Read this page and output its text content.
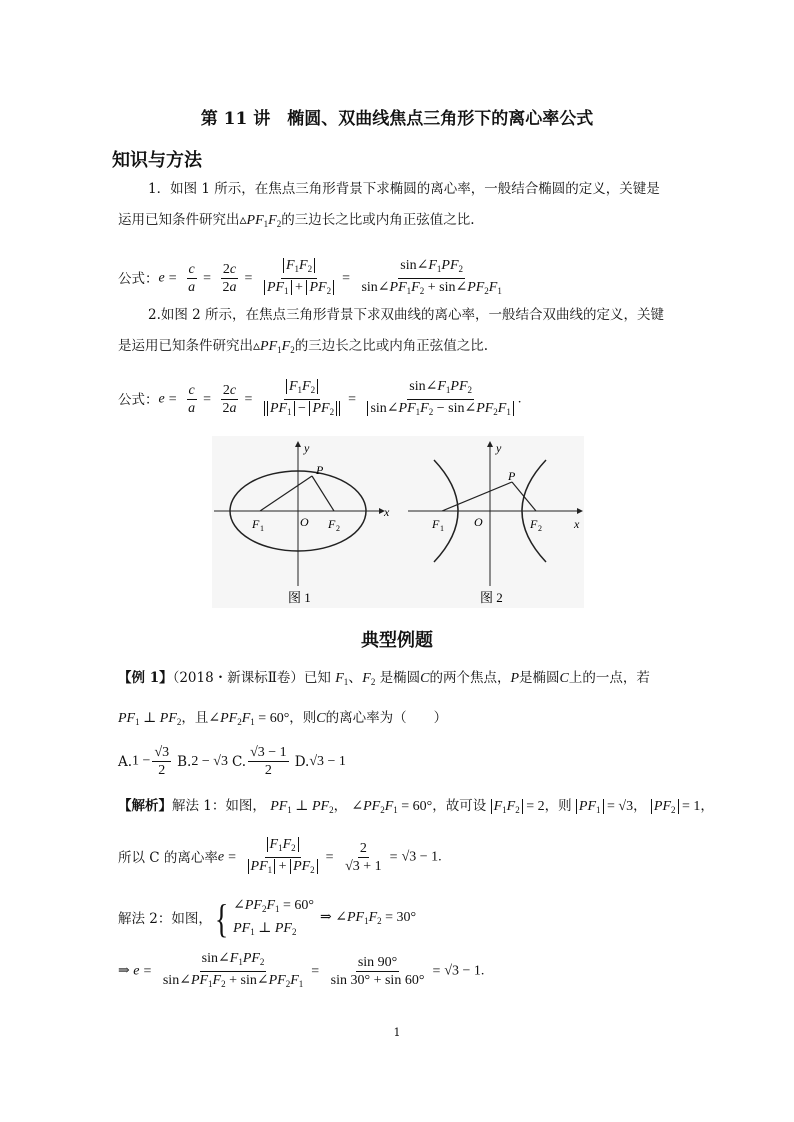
第 11 讲　椭圆、双曲线焦点三角形下的离心率公式
知识与方法
1．如图 1 所示，在焦点三角形背景下求椭圆的离心率，一般结合椭圆的定义，关键是
运用已知条件研究出$▵PF_1F_2$的三边长之比或内角正弦值之比.
公式： $e = \frac{c}{a} = \frac{2c}{2a} = \frac{F_1F_2}{PF_1 + PF_2} = \frac{\sin\angle F_1PF_2}{\sin\angle PF_1F_2 + \sin\angle PF_2F_1}$
2.如图 2 所示，在焦点三角形背景下求双曲线的离心率，一般结合双曲线的定义，关键
是运用已知条件研究出$▵PF_1F_2$的三边长之比或内角正弦值之比.
公式： $e = \frac{c}{a} = \frac{2c}{2a} = \frac{F_1F_2}{PF_1 - PF_2} = \frac{\sin\angle F_1PF_2}{\sin\angle PF_1F_2 - \sin\angle PF_2F_1}$ .
P
y
x
O
F 1	F 2
图 1
P
y
x
O
F 1	F 2
图 2
典型例题
【例 1】（2018・新课标Ⅱ卷）已知 $F_1$、$F_2$ 是椭圆C的两个焦点，P是椭圆C上的一点，若
$PF_1$ ⊥ $PF_2$，且$\angle PF_2F_1 = 60^\circ$，则C的离心率为（　　）
A. $1 - \frac{√3}{2} B$. 2 − √3 C. $\frac{√3 - 1}{2} D$. √3 − 1
【解析】解法 1：如图， $PF_1$ ⊥ $PF_2$， $\angle PF_2F_1 = 60^\circ$，故可设 $F_1F_2 = 2$，则 $PF_1 = √3$， $PF_2 = 1$，
所以 C 的离心率 $e = \frac{F_1F_2}{PF_1 + PF_2} = \frac{2}{√3 + 1} = √3 - 1$.
解法 2：如图， { $\angle PF_2F_1 = 60^\circ$
$PF_1$ ⊥ $PF_2$
⇒ $\angle PF_1F_2 = 30^\circ$
⇒ $e = \frac{\sin\angle F_1PF_2}{\sin\angle PF_1F_2 + \sin\angle PF_2F_1} = \frac{\sin 90^\circ}{\sin 30^\circ + \sin 60^\circ} = √3 - 1$.
1
